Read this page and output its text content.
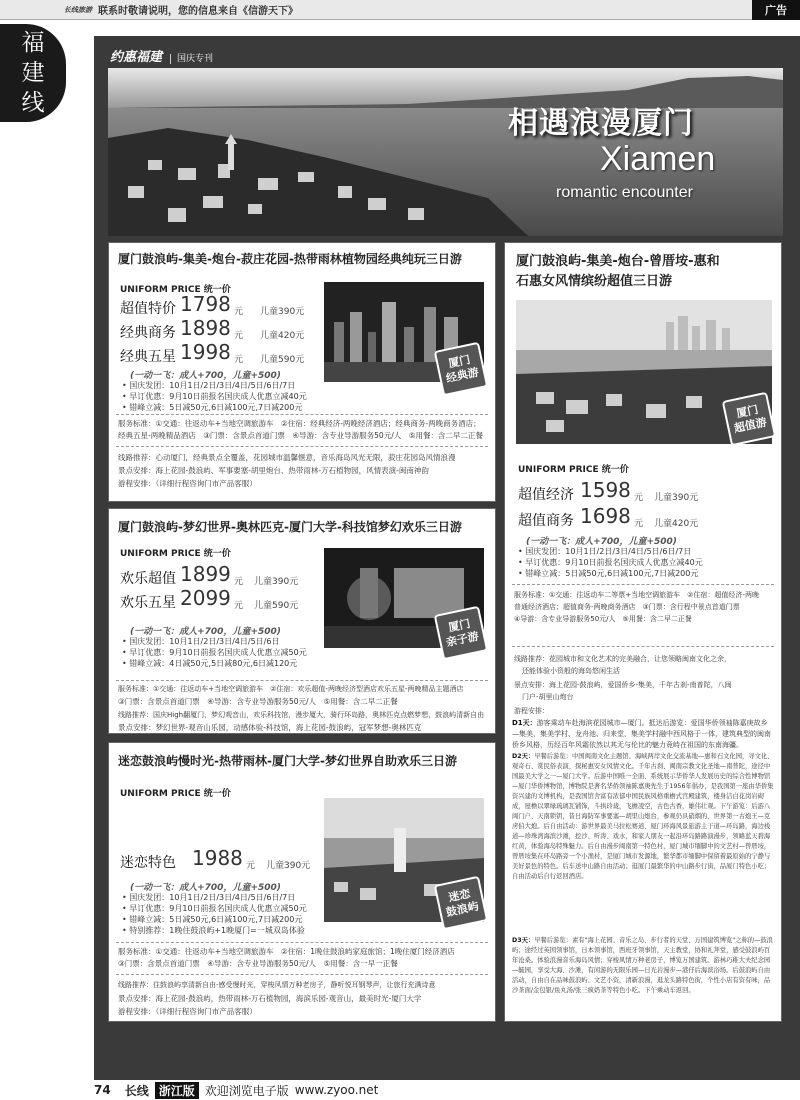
长线旅游 联系时敬请说明，您的信息来自《信游天下》	广告
福
建
线
约惠福建 国庆专刊
相遇浪漫厦门
Xiamen
romantic encounter
厦门鼓浪屿-集美-炮台-菽庄花园-热带雨林植物园经典纯玩三日游
UNIFORM PRICE 统一价
超值特价 1798 元 儿童390元
经典商务 1898 元 儿童420元
经典五星 1998 元 儿童590元
(一动一飞：成人+700，儿童+500)
• 国庆发团：10月1日/2日/3日/4日/5日/6日/7日
• 早订优惠：9月10日前报名国庆成人优惠立减40元
• 错峰立减：5日减50元,6日减100元,7日减200元
厦门
经典游
服务标准：①交通：往返动车+当地空调旅游车　②住宿：经典经济-两晚经济酒店；经典商务-两晚商务酒店；
经典五星-两晚精品酒店　③门票：含景点首道门票　④导游：含专业导游服务50元/人　⑤用餐：含二早二正餐
线路推荐：心动厦门，经典景点全覆盖，花园城市温馨惬意，音乐海岛风光无限，菽庄花园岛风情浪漫
景点安排：海上花园-鼓浪屿、军事要塞-胡里炮台、热带雨林-万石植物园，风情表演-闽南神韵
游程安排：（详细行程咨询门市产品客服）
厦门鼓浪屿-梦幻世界-奥林匹克-厦门大学-科技馆梦幻欢乐三日游
UNIFORM PRICE 统一价
欢乐超值 1899 元 儿童390元
欢乐五星 2099 元 儿童590元
(一动一飞：成人+700，儿童+500)
• 国庆发团：10月1日/2日/3日/4日/5日/6日
• 早订优惠：9月10日前报名国庆成人优惠立减50元
• 错峰立减：4日减50元,5日减80元,6日减120元
厦门
亲子游
服务标准：①交通：往返动车+当地空调旅游车　②住宿：欢乐超值-两晚经济型酒店欢乐五星-两晚精品主题酒店
③门票：含景点首道门票　④导游：含专业导游服务50元/人　⑤用餐：含二早二正餐
线路推荐：国庆High翻厦门，梦幻观音山，欢乐科技馆，漫步厦大，骑行环岛路，奥林匹克点燃梦想，鼓浪屿清新自由
景点安排：梦幻世界-观音山乐园，动感体验-科技馆，海上花园-鼓浪屿，冠军梦想-奥林匹克
迷恋鼓浪屿慢时光-热带雨林-厦门大学-梦幻世界自助欢乐三日游
UNIFORM PRICE 统一价
迷恋特色 1988 元 儿童390元
(一动一飞：成人+700，儿童+500)
• 国庆发团：10月1日/2日/3日/4日/5日/6日/7日
• 早订优惠：9月10日前报名国庆成人优惠立减50元
• 错峰立减：5日减50元,6日减100元,7日减200元
• 特别推荐：1晚住鼓浪屿+1晚厦门=一城双岛体验
迷恋
鼓浪屿
服务标准：①交通：往返动车+当地空调旅游车　②住宿：1晚住鼓浪屿家庭旅馆；1晚住厦门经济酒店
③门票：含景点首道门票　④导游：含专业导游服务50元/人　⑤用餐：含一早一正餐
线路推荐：住鼓浪屿享清新自由-感受慢时光，穿梭风情万种老房子，静听悦耳钢琴声，让旅行充满诗意
景点安排：海上花园-鼓浪屿，热带雨林-万石植物园，海滨乐园-观音山，最美时光-厦门大学
游程安排：（详细行程咨询门市产品客服）
厦门鼓浪屿-集美-炮台-曾厝垵-惠和
石惠女风情缤纷超值三日游
厦门
超值游
UNIFORM PRICE 统一价
超值经济 1598 元 儿童390元
超值商务 1698 元 儿童420元
(一动一飞：成人+700，儿童+500)
• 国庆发团：10月1日/2日/3日/4日/5日/6日/7日
• 早订优惠：9月10日前报名国庆成人优惠立减40元
• 错峰立减：5日减50元,6日减100元,7日减200元
服务标准：①交通：往返动车二等票+当地空调旅游车　②住宿：超值经济-两晚
普通经济酒店；超值商务-两晚商务酒店　③门票：含行程中景点首道门票
④导游：含专业导游服务50元/人　⑤用餐：含二早二正餐
线路推荐：花园城市和文化艺术的完美融合，让您领略闽南文化之余，
还能体验小资般的海岛悠闲生活
景点安排：海上花园-鼓浪屿，爱国侨乡-集美，千年古刹-南普陀，八闽
门户-胡里山炮台
游程安排：
D1天：游客乘动车赴海滨花园城市—厦门。抵达后游览：爱国华侨领袖陈嘉庚故乡—集美，集美学村、龙舟池、归来堂，集美学村融中西风格于一体，建筑典型的闽南侨乡风格，历经百年风霜依然以其无与伦比的魅力竟峙在祖国的东南海疆。
D2天：早餐后游览：中国闽南文化主题馆、海峡两岸文化交流基地—惠和石文化园，寻文化、观奇石、赏民俗表演、探秘惠安女风情文化。千年古刹、闽南宗教文化圣地—南普陀，途径中国最美大学之一—厦门大学。后游中国唯一全面、系统展示华侨华人发展历史的综合性博物馆—厦门华侨博物馆，博物院是著名华侨领袖陈嘉庚先生于1956年倡办，是我国第一座由华侨集资兴建的文博机构，是我国馆舍富有浓郁中国民族风格重檐式宫殿建筑，楼身洁白花岗岩砌成，屋檐以翠绿琉璃瓦铺饰，斗拱玲珑，飞檐凌空，古色古香，雄伟壮观。下午游览：后游八闽门户、天南锁钥，昔日海防军事要塞—胡里山炮台，参观仍具硝烟的，世界第一古炮王—克虏伯大炮。后自由活动：游世界最美马拉松赛道、厦门环海风景旅游主干道—环岛路，海边栈道—珍珠湾海滨沙滩，挖沙、听涛、戏水，和家人朋友一起沿环岛路路演漫步，领略蓝天碧海红黄，体验海岛特殊魅力。后自由漫步闽南第一特色村，厦门城市缅脚中的文艺村—曾厝垵，曾厝垵集在环岛路旁一个小渔村，是厦门城市发源地，繁华都市缅脚中保留着最原始的宁静与美好景色的特色。后车送中山路自由活动；逛厦门最繁华的中山路步行街，品厦门特色小吃；自由活动后自行返回酒店。
D3天：早餐后游览：素有"海上花园、音乐之岛、步行者的天堂、万国建筑博览"之称的—鼓浪屿；途经过英国领事馆，日本领事馆，西班牙领事馆，天主教堂，协和礼拜堂，感受鼓浪屿百年沧桑。体验浪漫音乐海岛风情；穿梭风情万种老房子，博览万国建筑。游林巧稚大夫纪念园—毓园，享受大海、沙滩，有闲游的无限乐园—日光岩漫步—港仔后海滨浴场。后鼓浪屿自由活动，自由自在品味鼓浪屿、文艺小资，清新浪漫，逛龙头路特色街，个性小店有资有味，品沙茶面/金包银/鱼丸汤/张三疯奶茶等特色小吃。下午乘动车返回。
74 长线 浙江版 欢迎浏览电子版 www.zyoo.net
